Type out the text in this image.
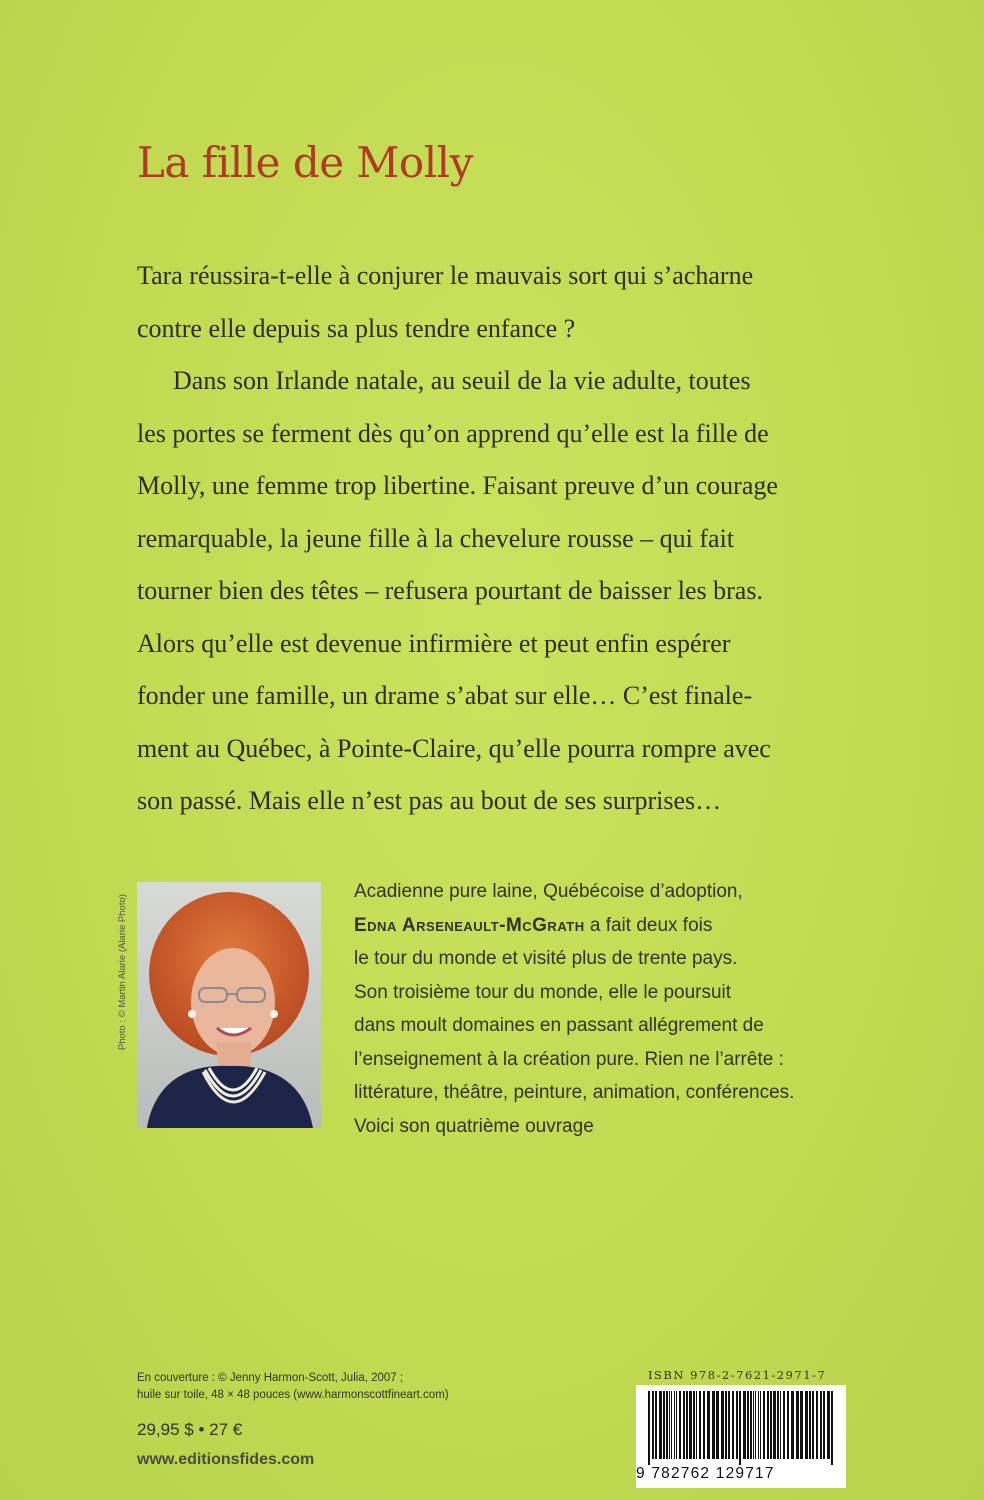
La fille de Molly
Tara réussira-t-elle à conjurer le mauvais sort qui s’acharne
contre elle depuis sa plus tendre enfance ?
Dans son Irlande natale, au seuil de la vie adulte, toutes
les portes se ferment dès qu’on apprend qu’elle est la fille de
Molly, une femme trop libertine. Faisant preuve d’un courage
remarquable, la jeune fille à la chevelure rousse – qui fait
tourner bien des têtes – refusera pourtant de baisser les bras.
Alors qu’elle est devenue infirmière et peut enfin espérer
fonder une famille, un drame s’abat sur elle… C’est finale-
ment au Québec, à Pointe-Claire, qu’elle pourra rompre avec
son passé. Mais elle n’est pas au bout de ses surprises…
Photo : © Martin Alarie (Alarie Photo)
Acadienne pure laine, Québécoise d’adoption,
Edna Arseneault-McGrath a fait deux fois
le tour du monde et visité plus de trente pays.
Son troisième tour du monde, elle le poursuit
dans moult domaines en passant allégrement de
l’enseignement à la création pure. Rien ne l’arrête :
littérature, théâtre, peinture, animation, conférences.
Voici son quatrième ouvrage
En couverture : © Jenny Harmon-Scott, Julia, 2007 ;
huile sur toile, 48 × 48 pouces (www.harmonscottfineart.com)
29,95 $ • 27 €
www.editionsfides.com
ISBN 978-2-7621-2971-7
9 782762 129717
